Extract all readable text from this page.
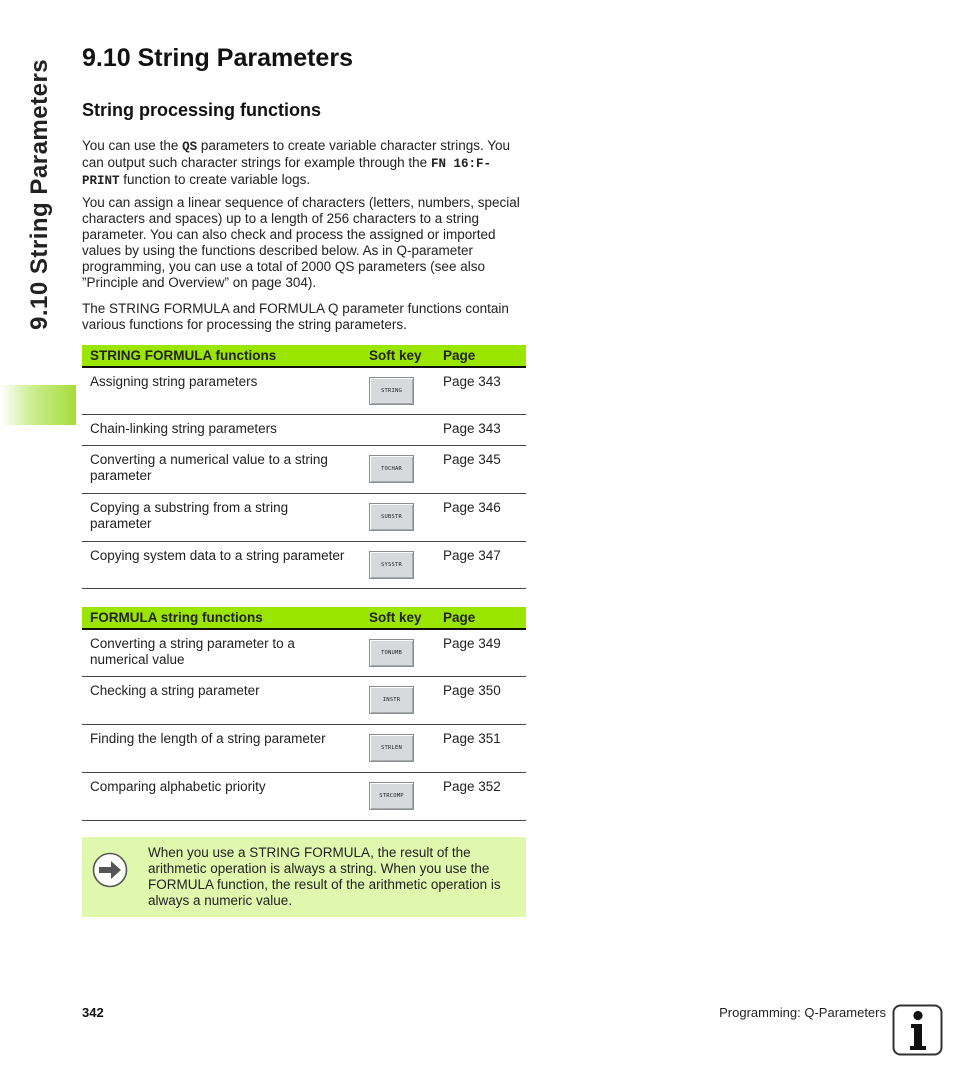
9.10 String Parameters
9.10 String Parameters
String processing functions

You can use the QS parameters to create variable character strings. You can output such character strings for example through the FN 16:F-PRINT function to create variable logs.

You can assign a linear sequence of characters (letters, numbers, special characters and spaces) up to a length of 256 characters to a string parameter. You can also check and process the assigned or imported values by using the functions described below. As in Q-parameter programming, you can use a total of 2000 QS parameters (see also ”Principle and Overview” on page 304).

The STRING FORMULA and FORMULA Q parameter functions contain various functions for processing the string parameters.

STRING FORMULA functions	Soft key	Page
Assigning string parameters	STRING	Page 343
Chain-linking string parameters		Page 343
Converting a numerical value to a string parameter	TOCHAR	Page 345
Copying a substring from a string parameter	SUBSTR	Page 346
Copying system data to a string parameter	SYSSTR	Page 347
FORMULA string functions	Soft key	Page
Converting a string parameter to a numerical value	TONUMB	Page 349
Checking a string parameter	INSTR	Page 350
Finding the length of a string parameter	STRLEN	Page 351
Comparing alphabetic priority	STRCOMP	Page 352
When you use a STRING FORMULA, the result of the arithmetic operation is always a string. When you use the FORMULA function, the result of the arithmetic operation is always a numeric value.
342	Programming: Q-Parameters
